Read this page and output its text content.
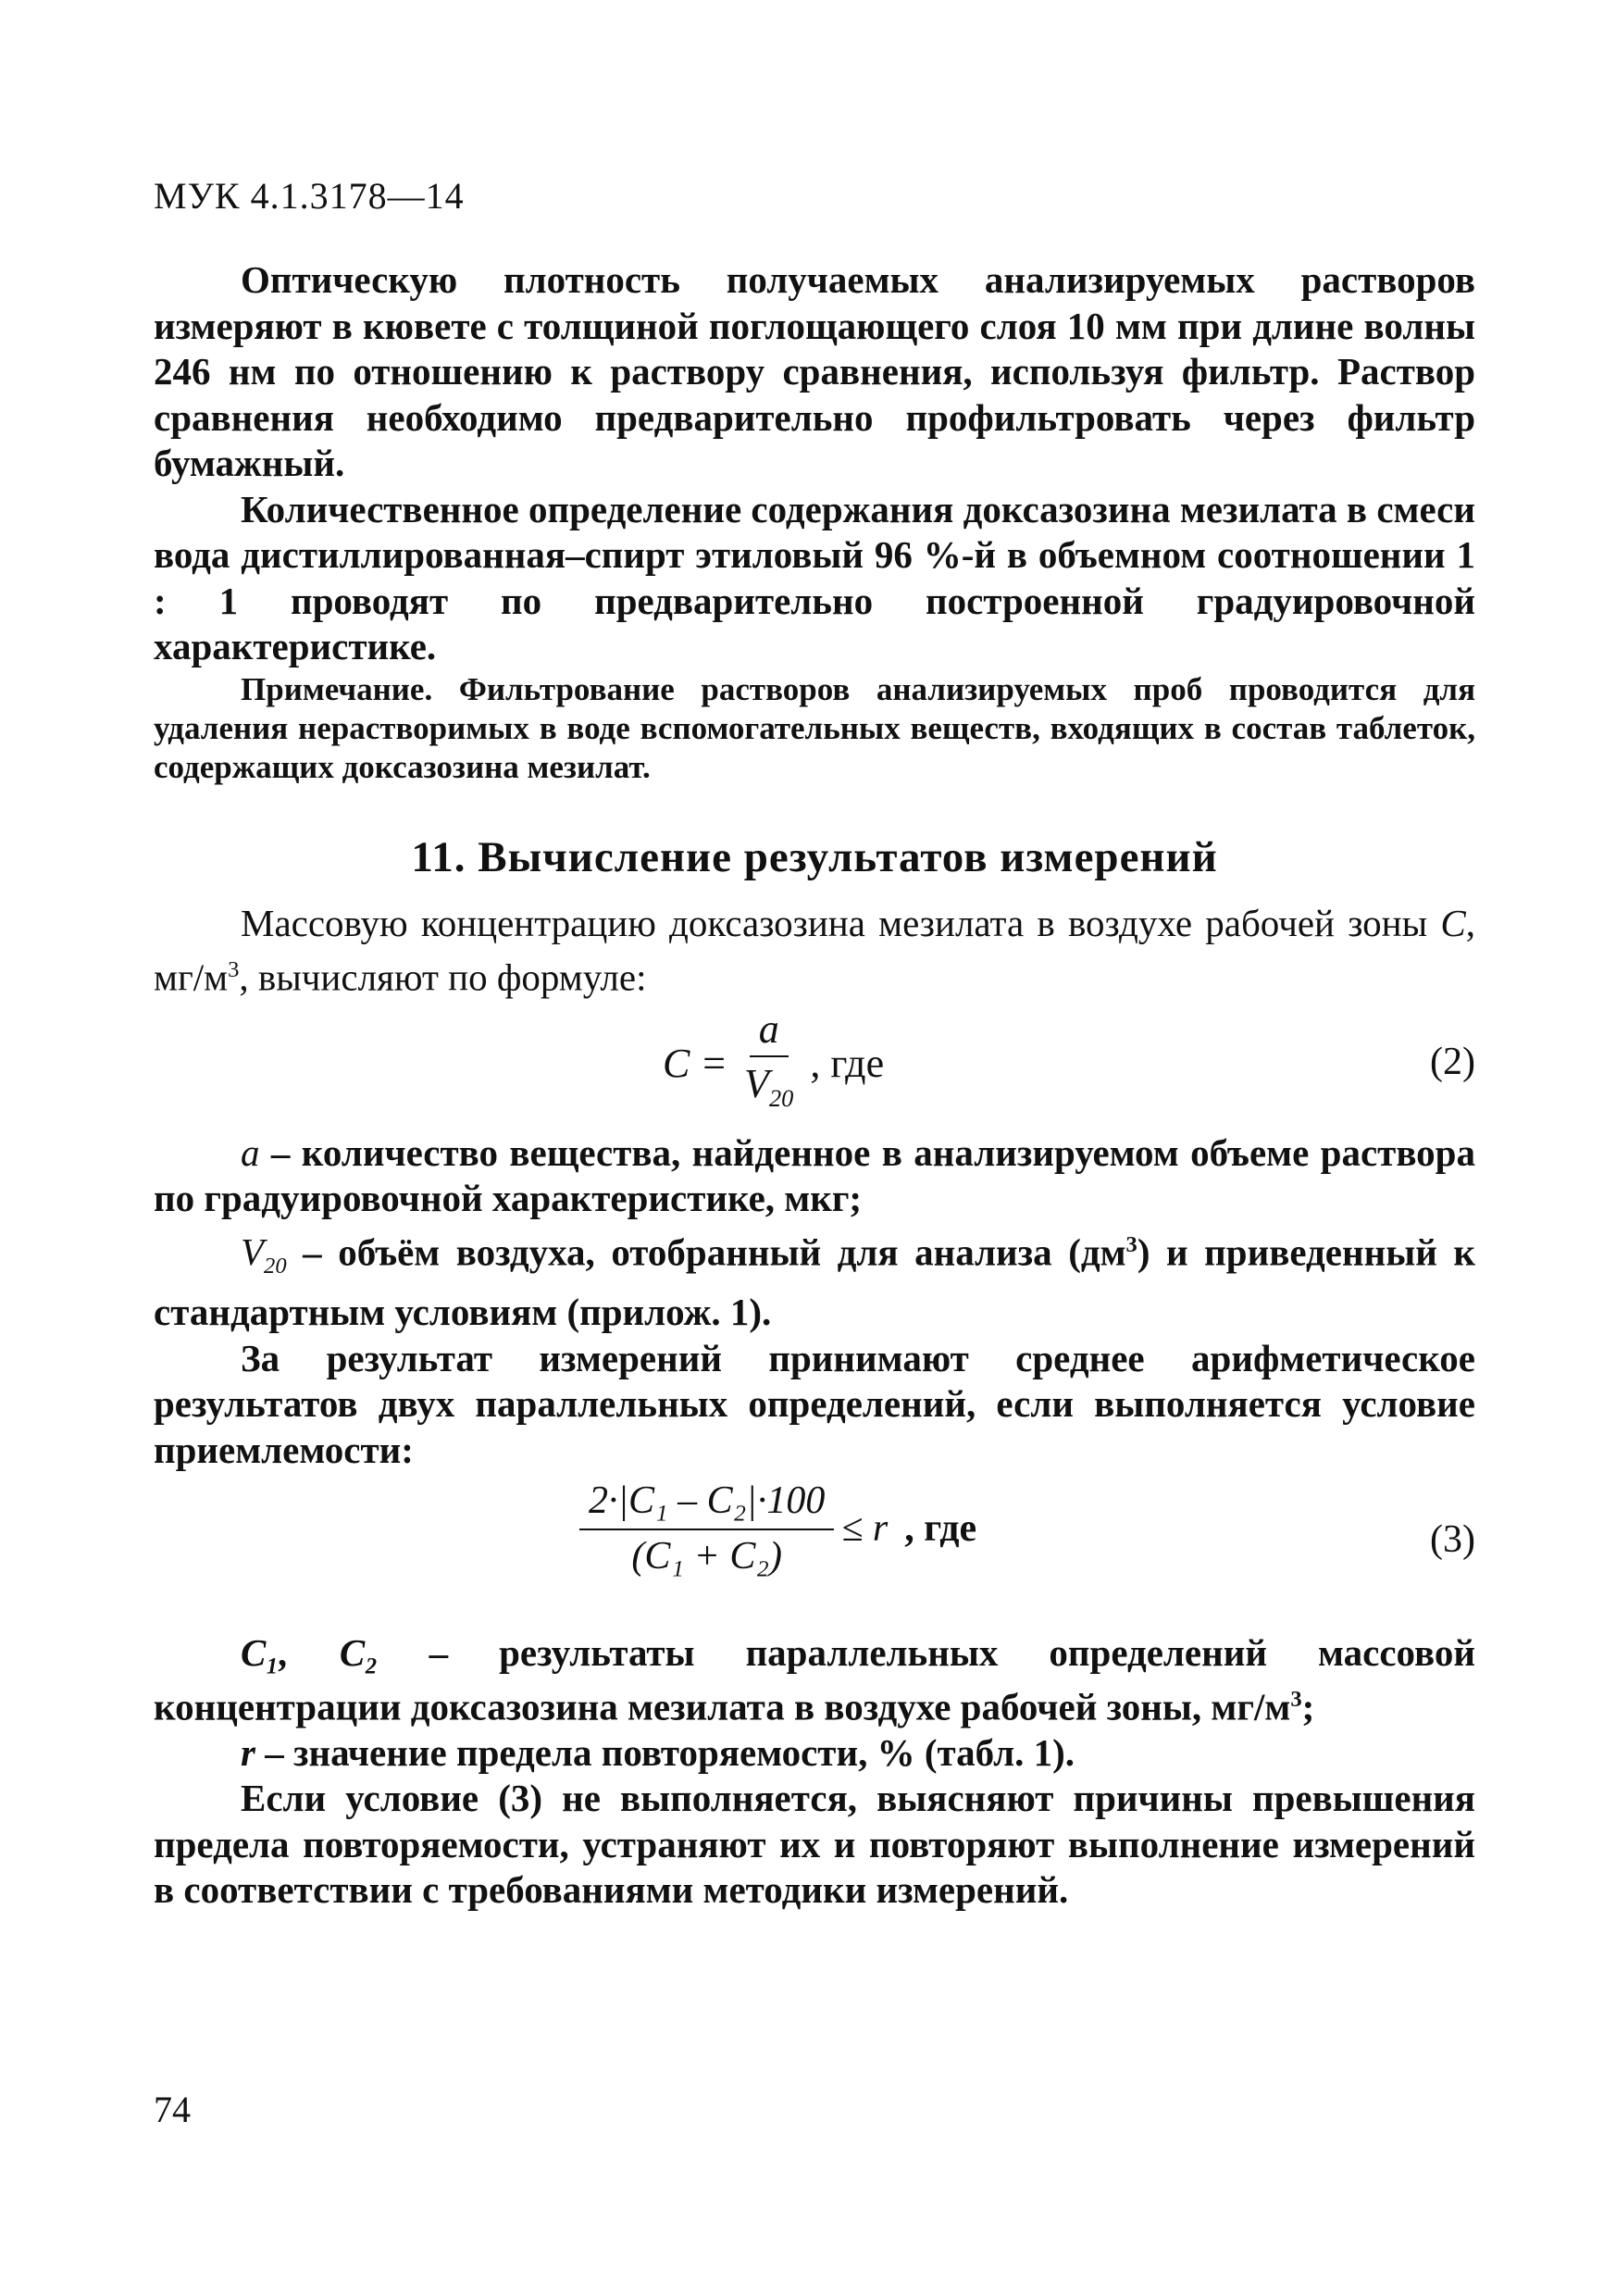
МУК 4.1.3178—14

Оптическую плотность получаемых анализируемых растворов измеряют в кювете с толщиной поглощающего слоя 10 мм при длине волны 246 нм по отношению к раствору сравнения, используя фильтр. Раствор сравнения необходимо предварительно профильтровать через фильтр бумажный.

Количественное определение содержания доксазозина мезилата в смеси вода дистиллированная–спирт этиловый 96 %-й в объемном соотношении 1 : 1 проводят по предварительно построенной градуировочной характеристике.

Примечание. Фильтрование растворов анализируемых проб проводится для удаления нерастворимых в воде вспомогательных веществ, входящих в состав таблеток, содержащих доксазозина мезилат.

11. Вычисление результатов измерений

Массовую концентрацию доксазозина мезилата в воздухе рабочей зоны С, $мг/м^3$, вычисляют по формуле:

$С = \frac{a}{V_{20}}$ , где	(2)

a – количество вещества, найденное в анализируемом объеме раствора по градуировочной характеристике, мкг;

$V_{20}$ – объём воздуха, отобранный для анализа $(дм^3)$ и приведенный к стандартным условиям (прилож. 1).

За результат измерений принимают среднее арифметическое результатов двух параллельных определений, если выполняется условие приемлемости:

$\frac{\text{2·|C₁ – C₂|·100}}{\text{(C₁ + C₂)}} \le r$ , где	(3)

C₁, C₂ – результаты параллельных определений массовой концентрации доксазозина мезилата в воздухе рабочей зоны, $мг/м^3$;

r – значение предела повторяемости, % (табл. 1).

Если условие (3) не выполняется, выясняют причины превышения предела повторяемости, устраняют их и повторяют выполнение измерений в соответствии с требованиями методики измерений.

74
